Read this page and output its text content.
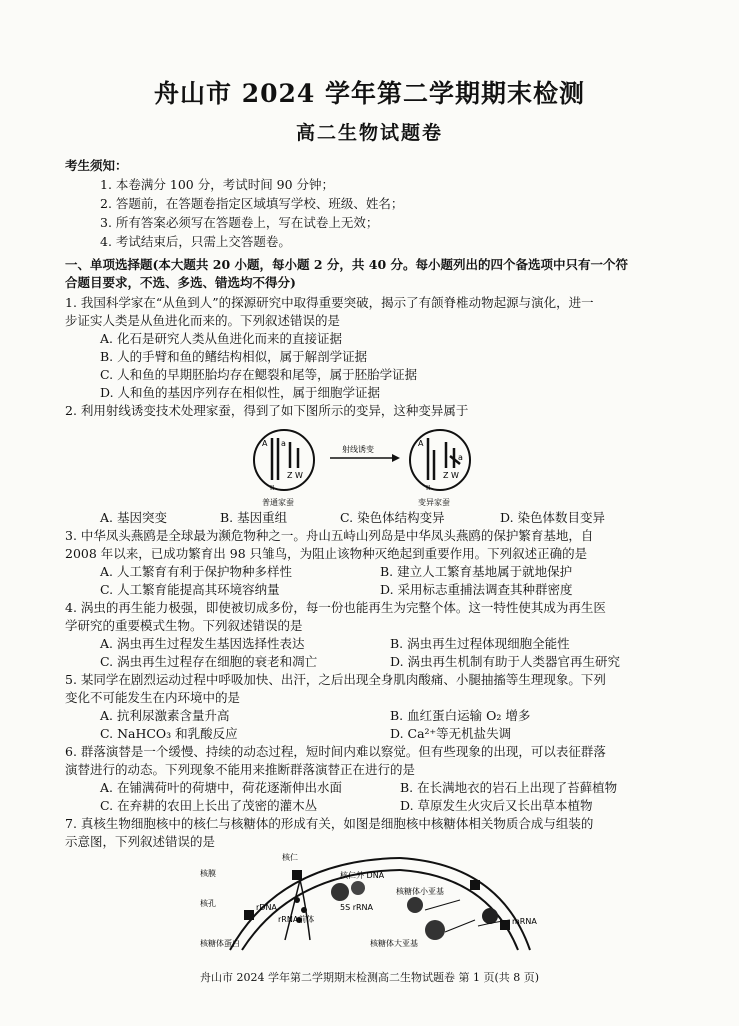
舟山市 2024 学年第二学期期末检测
高二生物试题卷
考生须知：
1. 本卷满分 100 分，考试时间 90 分钟；
2. 答题前，在答题卷指定区域填写学校、班级、姓名；
3. 所有答案必须写在答题卷上，写在试卷上无效；
4. 考试结束后，只需上交答题卷。
一、单项选择题(本大题共 20 小题，每小题 2 分，共 40 分。每小题列出的四个备选项中只有一个符
合题目要求，不选、多选、错选均不得分)
1. 我国科学家在“从鱼到人”的探源研究中取得重要突破，揭示了有颌脊椎动物起源与演化，进一
步证实人类是从鱼进化而来的。下列叙述错误的是
A. 化石是研究人类从鱼进化而来的直接证据
B. 人的手臂和鱼的鳍结构相似，属于解剖学证据
C. 人和鱼的早期胚胎均存在鳃裂和尾等，属于胚胎学证据
D. 人和鱼的基因序列存在相似性，属于细胞学证据
2. 利用射线诱变技术处理家蚕，得到了如下图所示的变异，这种变异属于
A a
II
Z W
普通家蚕
射线诱变
A
a
II
Z W
变异家蚕
A. 基因突变	B. 基因重组	C. 染色体结构变异	D. 染色体数目变异
3. 中华凤头燕鸥是全球最为濒危物种之一。舟山五峙山列岛是中华凤头燕鸥的保护繁育基地，自
2008 年以来，已成功繁育出 98 只雏鸟，为阻止该物种灭绝起到重要作用。下列叙述正确的是
A. 人工繁育有利于保护物种多样性	B. 建立人工繁育基地属于就地保护
C. 人工繁育能提高其环境容纳量	D. 采用标志重捕法调查其种群密度
4. 涡虫的再生能力极强，即使被切成多份，每一份也能再生为完整个体。这一特性使其成为再生医
学研究的重要模式生物。下列叙述错误的是
A. 涡虫再生过程发生基因选择性表达	B. 涡虫再生过程体现细胞全能性
C. 涡虫再生过程存在细胞的衰老和凋亡	D. 涡虫再生机制有助于人类器官再生研究
5. 某同学在剧烈运动过程中呼吸加快、出汗，之后出现全身肌肉酸痛、小腿抽搐等生理现象。下列
变化不可能发生在内环境中的是
A. 抗利尿激素含量升高	B. 血红蛋白运输 O₂ 增多
C. NaHCO₃ 和乳酸反应	D. Ca²⁺等无机盐失调
6. 群落演替是一个缓慢、持续的动态过程，短时间内难以察觉。但有些现象的出现，可以表征群落
演替进行的动态。下列现象不能用来推断群落演替正在进行的是
A. 在铺满荷叶的荷塘中，荷花逐渐伸出水面	B. 在长满地衣的岩石上出现了苔藓植物
C. 在弃耕的农田上长出了茂密的灌木丛	D. 草原发生火灾后又长出草本植物
7. 真核生物细胞核中的核仁与核糖体的形成有关，如图是细胞核中核糖体相关物质合成与组装的
示意图，下列叙述错误的是
核膜
核仁
核孔	rDNA
rRNA前体
核仁外 DNA
5S rRNA
核糖体小亚基
核糖体大亚基
核糖体蛋白
mRNA
舟山市 2024 学年第二学期期末检测高二生物试题卷 第 1 页(共 8 页)
